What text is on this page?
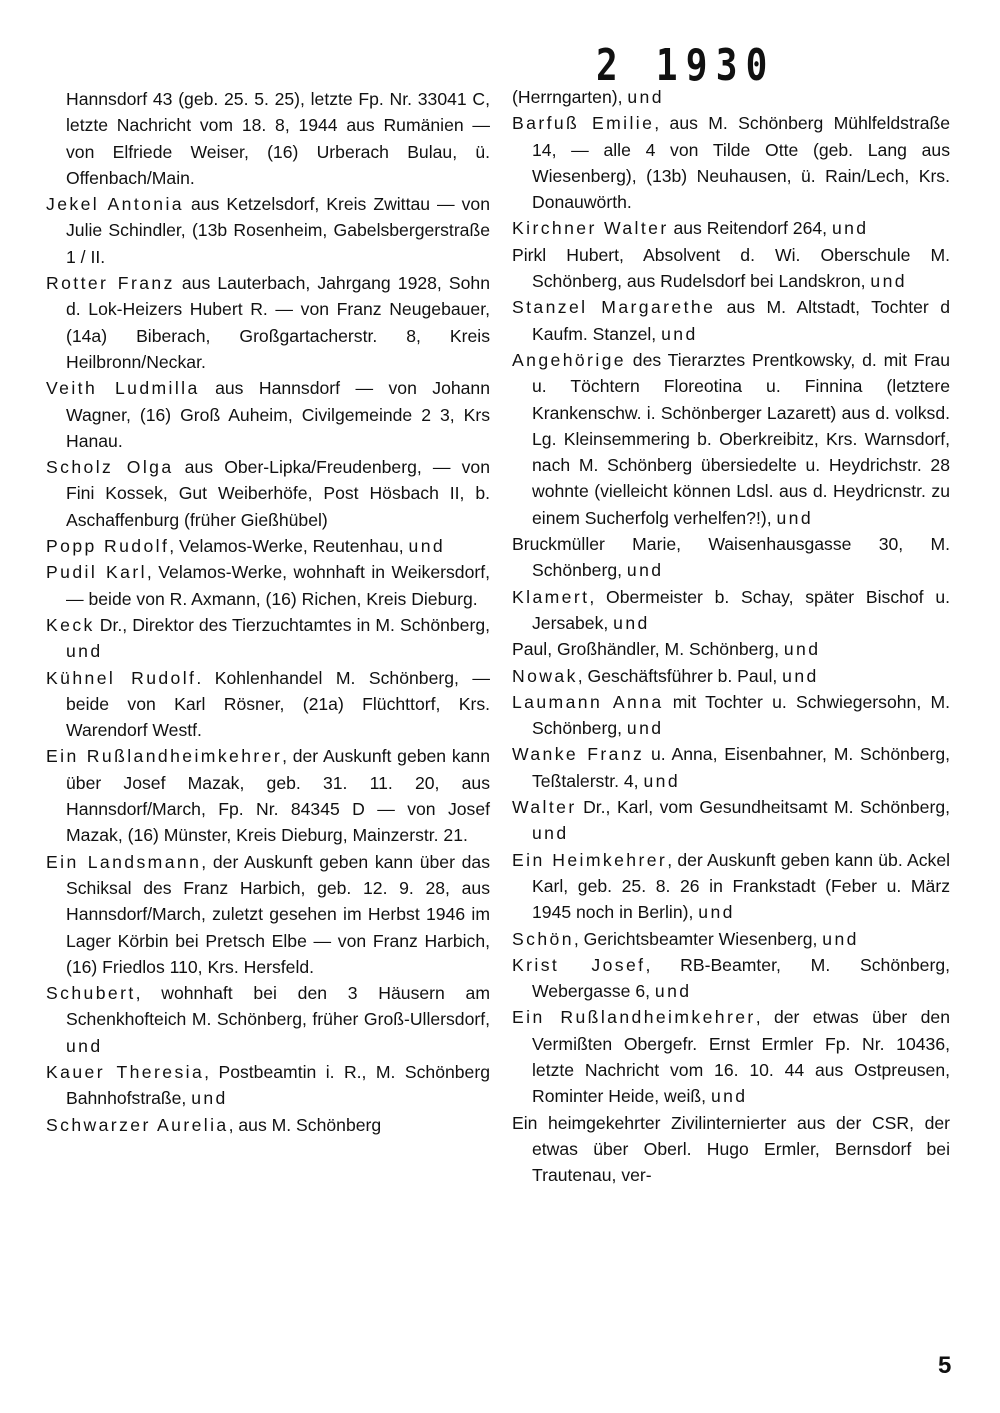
2 1930
Hannsdorf 43 (geb. 25. 5. 25), letzte Fp. Nr. 33041 C, letzte Nachricht vom 18. 8, 1944 aus Rumänien — von Elfriede Weiser, (16) Urberach Bulau, ü. Offenbach/Main.
Jekel Antonia aus Ketzelsdorf, Kreis Zwittau — von Julie Schindler, (13b Rosenheim, Gabelsbergerstraße 1 / II.
Rotter Franz aus Lauterbach, Jahrgang 1928, Sohn d. Lok-Heizers Hubert R. — von Franz Neugebauer, (14a) Biberach, Großgartacherstr. 8, Kreis Heilbronn/Neckar.
Veith Ludmilla aus Hannsdorf — von Johann Wagner, (16) Groß Auheim, Civilgemeinde 2 3, Krs Hanau.
Scholz Olga aus Ober-Lipka/Freudenberg, — von Fini Kossek, Gut Weiberhöfe, Post Hösbach II, b. Aschaffenburg (früher Gießhübel)
Popp Rudolf, Velamos-Werke, Reutenhau, und
Pudil Karl, Velamos-Werke, wohnhaft in Weikersdorf, — beide von R. Axmann, (16) Richen, Kreis Dieburg.
Keck Dr., Direktor des Tierzuchtamtes in M. Schönberg, und
Kühnel Rudolf. Kohlenhandel M. Schönberg, — beide von Karl Rösner, (21a) Flüchttorf, Krs. Warendorf Westf.
Ein Rußlandheimkehrer, der Auskunft geben kann über Josef Mazak, geb. 31. 11. 20, aus Hannsdorf/March, Fp. Nr. 84345 D — von Josef Mazak, (16) Münster, Kreis Dieburg, Mainzerstr. 21.
Ein Landsmann, der Auskunft geben kann über das Schiksal des Franz Harbich, geb. 12. 9. 28, aus Hannsdorf/March, zuletzt gesehen im Herbst 1946 im Lager Körbin bei Pretsch Elbe — von Franz Harbich, (16) Friedlos 110, Krs. Hersfeld.
Schubert, wohnhaft bei den 3 Häusern am Schenkhofteich M. Schönberg, früher Groß-Ullersdorf, und
Kauer Theresia, Postbeamtin i. R., M. Schönberg Bahnhofstraße, und
Schwarzer Aurelia, aus M. Schönberg
(Herrngarten), und
Barfuß Emilie, aus M. Schönberg Mühlfeldstraße 14, — alle 4 von Tilde Otte (geb. Lang aus Wiesenberg), (13b) Neuhausen, ü. Rain/Lech, Krs. Donauwörth.
Kirchner Walter aus Reitendorf 264, und
Pirkl Hubert, Absolvent d. Wi. Oberschule M. Schönberg, aus Rudelsdorf bei Landskron, und
Stanzel Margarethe aus M. Altstadt, Tochter d Kaufm. Stanzel, und
Angehörige des Tierarztes Prentkowsky, d. mit Frau u. Töchtern Floreotina u. Finnina (letztere Krankenschw. i. Schönberger Lazarett) aus d. volksd. Lg. Kleinsemmering b. Oberkreibitz, Krs. Warnsdorf, nach M. Schönberg übersiedelte u. Heydrichstr. 28 wohnte (vielleicht können Ldsl. aus d. Heydricnstr. zu einem Sucherfolg verhelfen?!), und
Bruckmüller Marie, Waisenhausgasse 30, M. Schönberg, und
Klamert, Obermeister b. Schay, später Bischof u. Jersabek, und
Paul, Großhändler, M. Schönberg, und
Nowak, Geschäftsführer b. Paul, und
Laumann Anna mit Tochter u. Schwiegersohn, M. Schönberg, und
Wanke Franz u. Anna, Eisenbahner, M. Schönberg, Teßtalerstr. 4, und
Walter Dr., Karl, vom Gesundheitsamt M. Schönberg, und
Ein Heimkehrer, der Auskunft geben kann üb. Ackel Karl, geb. 25. 8. 26 in Frankstadt (Feber u. März 1945 noch in Berlin), und
Schön, Gerichtsbeamter Wiesenberg, und
Krist Josef, RB-Beamter, M. Schönberg, Webergasse 6, und
Ein Rußlandheimkehrer, der etwas über den Vermißten Obergefr. Ernst Ermler Fp. Nr. 10436, letzte Nachricht vom 16. 10. 44 aus Ostpreusen, Rominter Heide, weiß, und
Ein heimgekehrter Zivilinternierter aus der CSR, der etwas über Oberl. Hugo Ermler, Bernsdorf bei Trautenau, ver-
5
